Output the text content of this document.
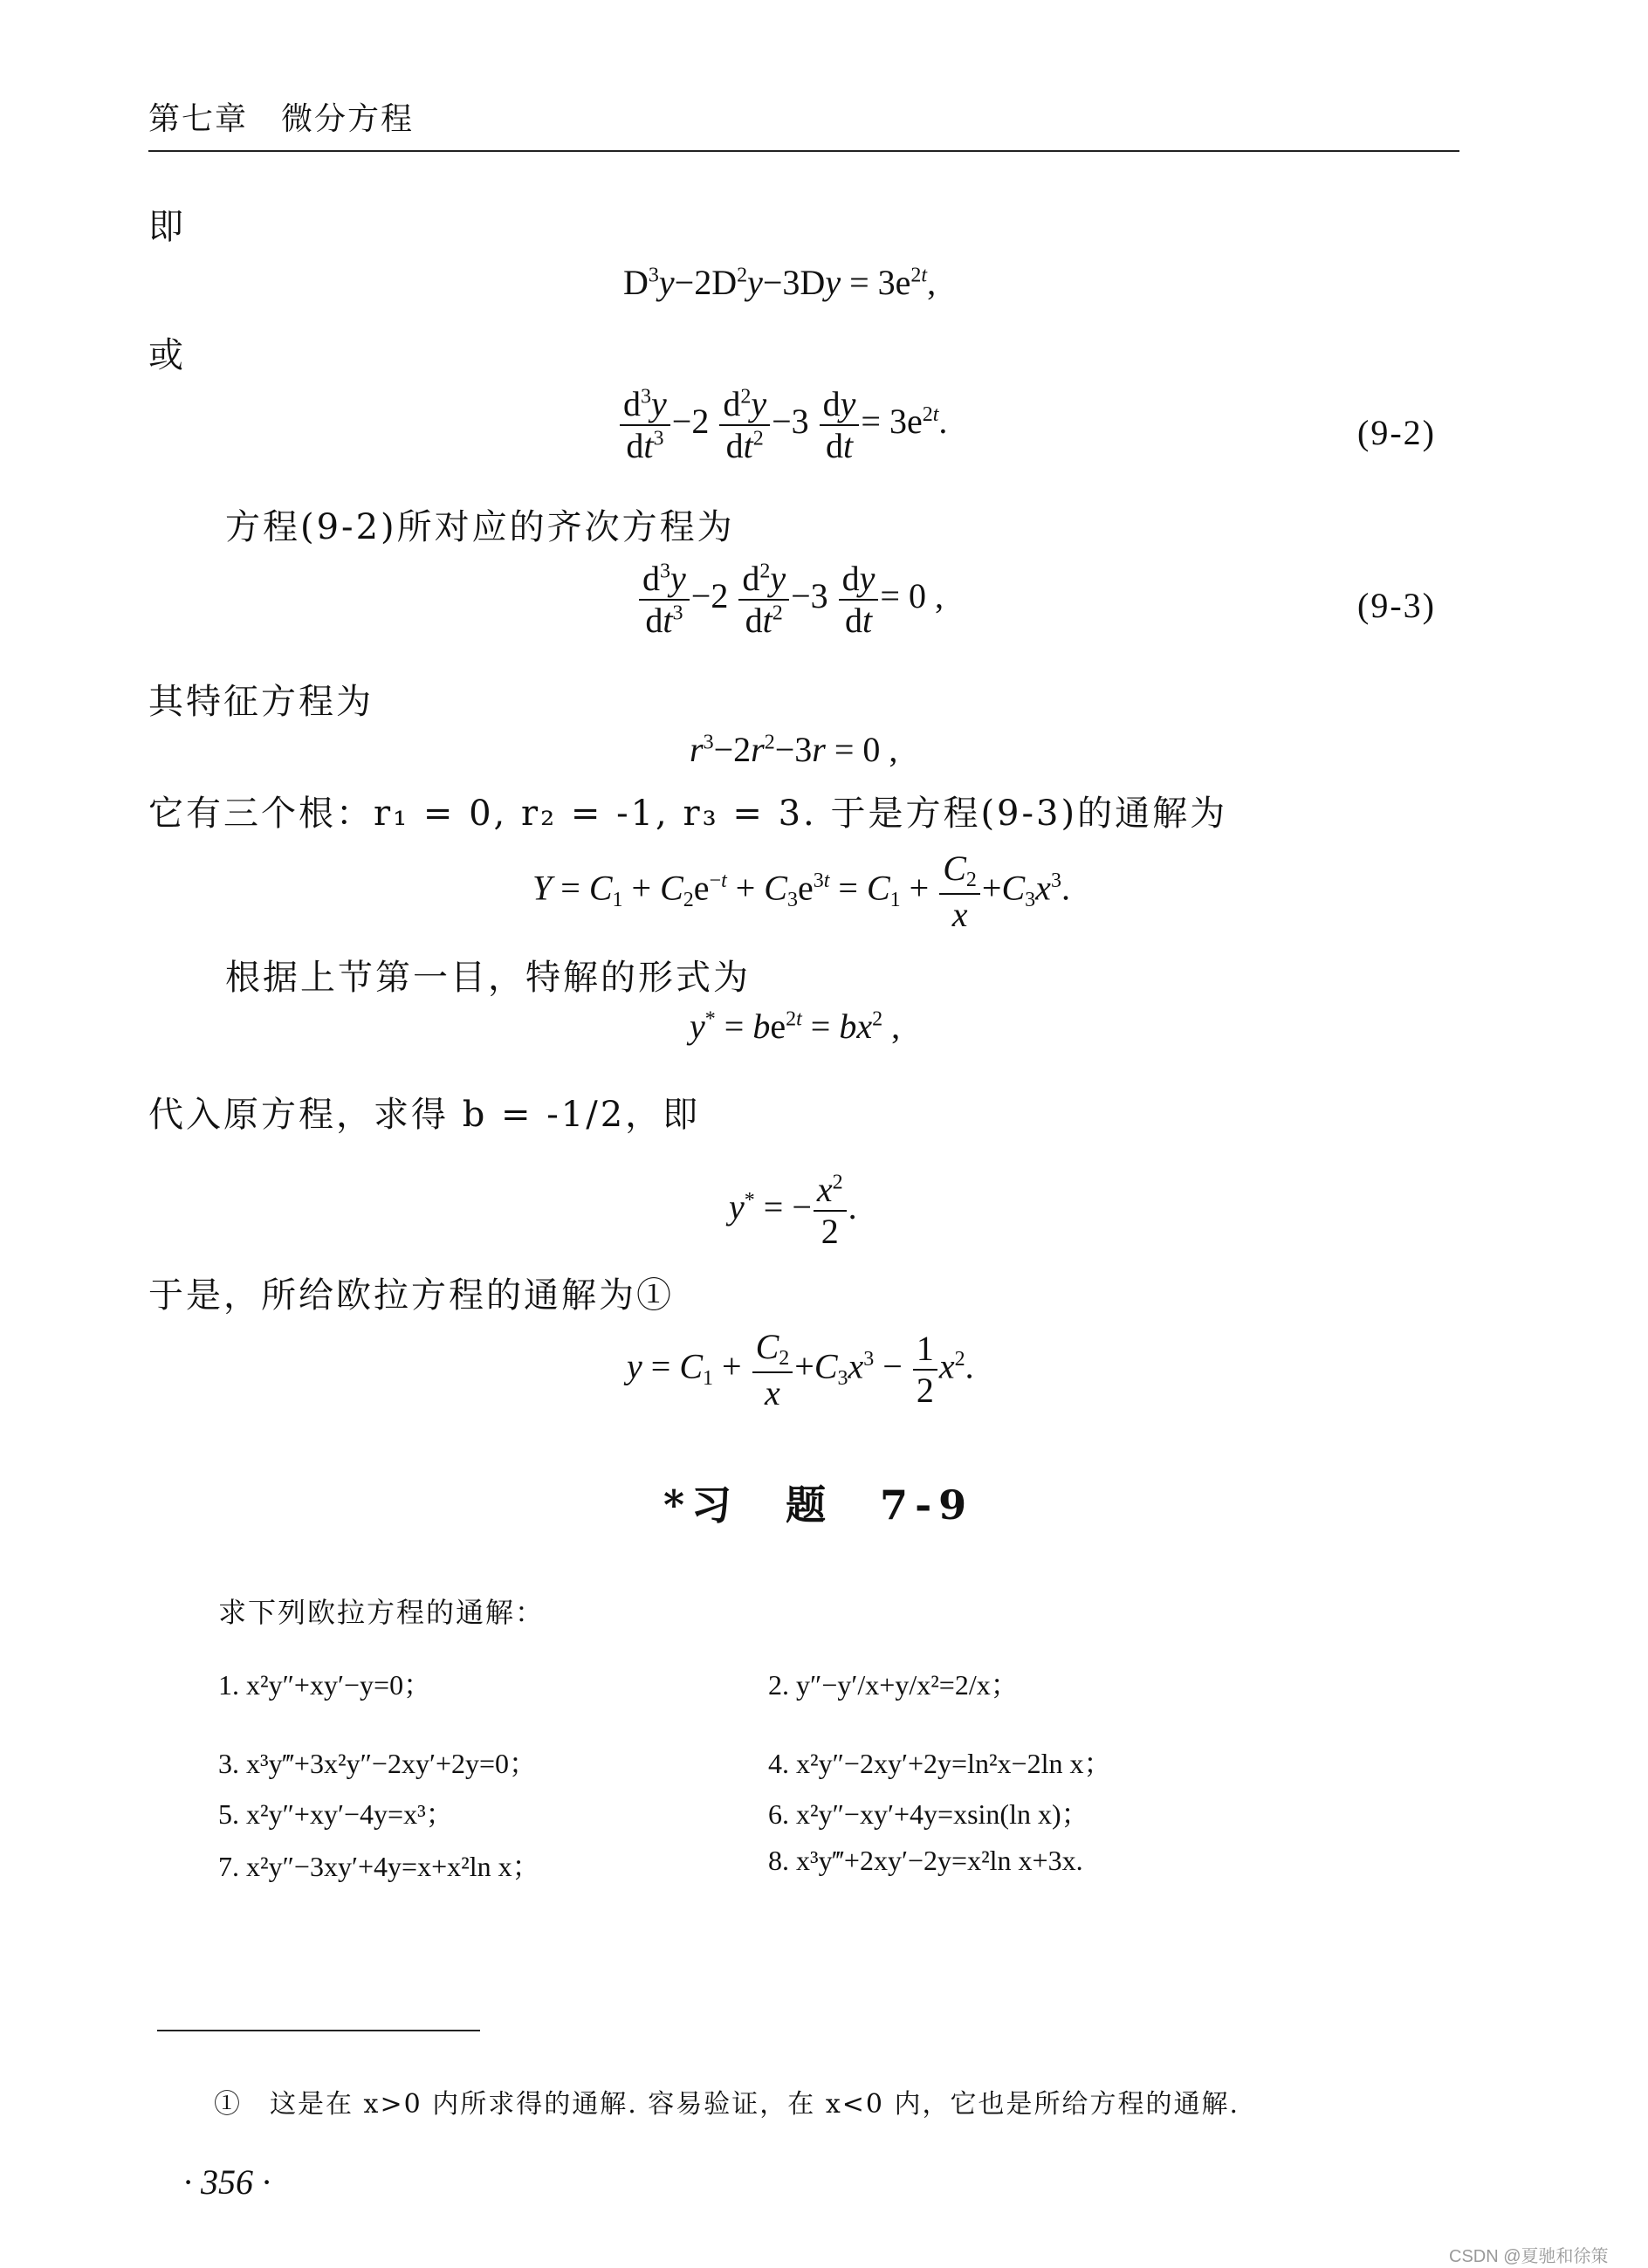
第七章　微分方程
即
$D^3y-2D^2y-3Dy = 3e^{2t}$,
或
$\frac{d^3y}{dt^3} -2 \frac{d^2y}{dt^2} -3 \frac{dy}{dt} = 3e^{2t}$.	(9-2)
方程(9-2)所对应的齐次方程为
$\frac{d^3y}{dt^3} -2 \frac{d^2y}{dt^2} -3 \frac{dy}{dt} = 0$ ,	(9-3)
其特征方程为
$r^3-2r^2-3r = 0$ ,
它有三个根：r₁ = 0, r₂ = -1, r₃ = 3. 于是方程(9-3)的通解为
$Y = C_1 + C_2e^{-t} + C_3e^{3t} = C_1 + \frac{C_2}{x} +C_3x^3$.
根据上节第一目，特解的形式为
$y^* = be^{2t} = bx^2$ ,
代入原方程，求得 b = -1/2，即
y* = − $\frac{x^2}{2}$ .
于是，所给欧拉方程的通解为①
$y = C_1 + \frac{C_2}{x} +C_3x^3 - \frac{1}{2} x^2$.
*习　题　7-9
求下列欧拉方程的通解：
1. x²y″+xy′−y=0；	2. y″−y′/x+y/x²=2/x；
3. x³y‴+3x²y″−2xy′+2y=0；	4. x²y″−2xy′+2y=ln²x−2ln x；
5. x²y″+xy′−4y=x³；	6. x²y″−xy′+4y=xsin(ln x)；
7. x²y″−3xy′+4y=x+x²ln x；	8. x³y‴+2xy′−2y=x²ln x+3x.
①　这是在 x>0 内所求得的通解. 容易验证，在 x<0 内，它也是所给方程的通解.
· 356 ·
CSDN @夏驰和徐策
